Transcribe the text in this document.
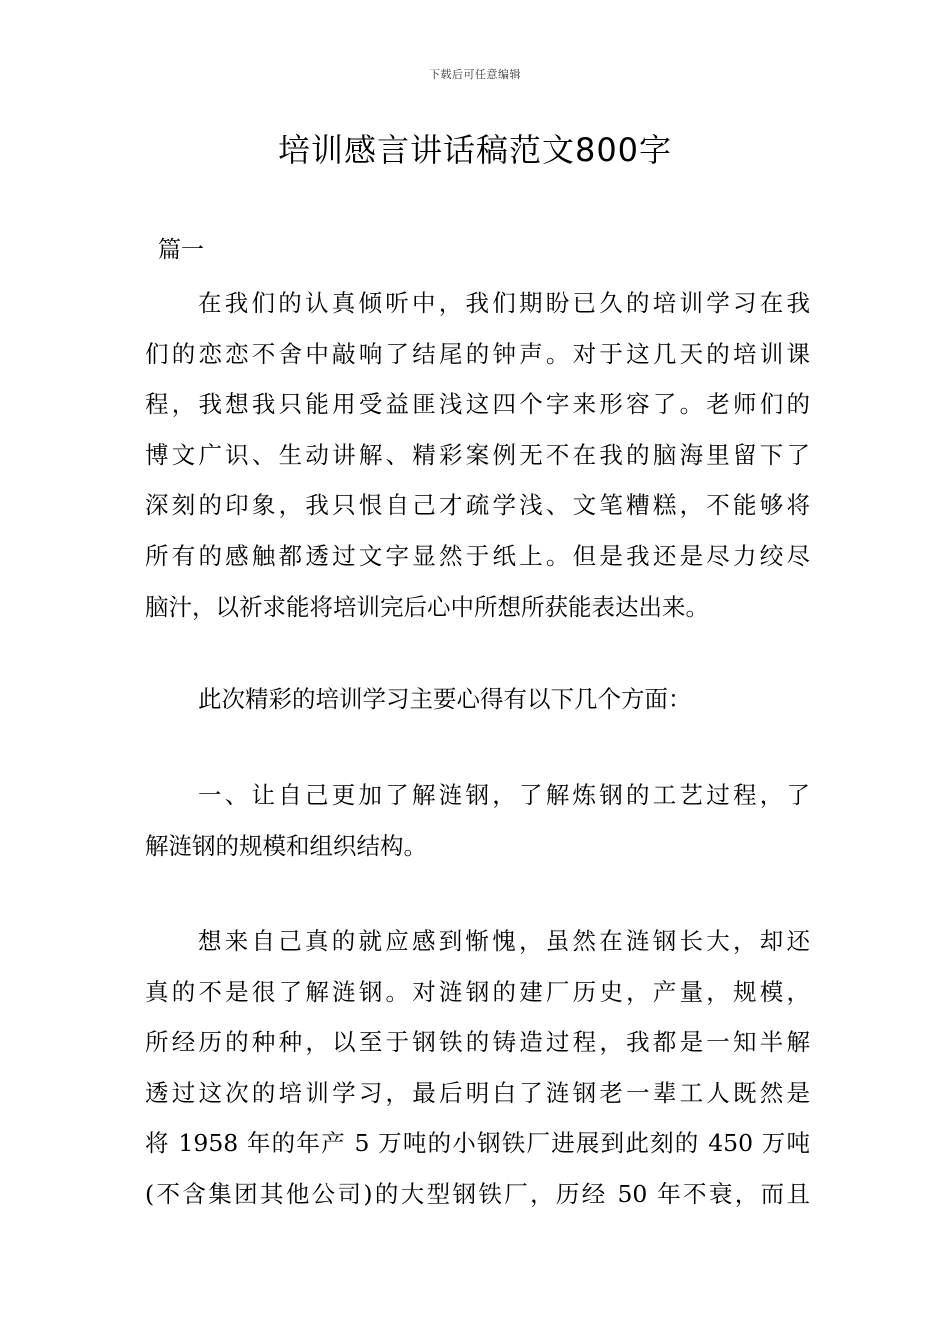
下载后可任意编辑
培训感言讲话稿范文800字
篇一
在我们的认真倾听中，我们期盼已久的培训学习在我
们的恋恋不舍中敲响了结尾的钟声。对于这几天的培训课
程，我想我只能用受益匪浅这四个字来形容了。老师们的
博文广识、生动讲解、精彩案例无不在我的脑海里留下了
深刻的印象，我只恨自己才疏学浅、文笔糟糕，不能够将
所有的感触都透过文字显然于纸上。但是我还是尽力绞尽
脑汁，以祈求能将培训完后心中所想所获能表达出来。
此次精彩的培训学习主要心得有以下几个方面：
一、让自己更加了解涟钢，了解炼钢的工艺过程，了
解涟钢的规模和组织结构。
想来自己真的就应感到惭愧，虽然在涟钢长大，却还
真的不是很了解涟钢。对涟钢的建厂历史，产量，规模，
所经历的种种，以至于钢铁的铸造过程，我都是一知半解
透过这次的培训学习，最后明白了涟钢老一辈工人既然是
将 1958 年的年产 5 万吨的小钢铁厂进展到此刻的 450 万吨
(不含集团其他公司)的大型钢铁厂，历经 50 年不衰，而且
